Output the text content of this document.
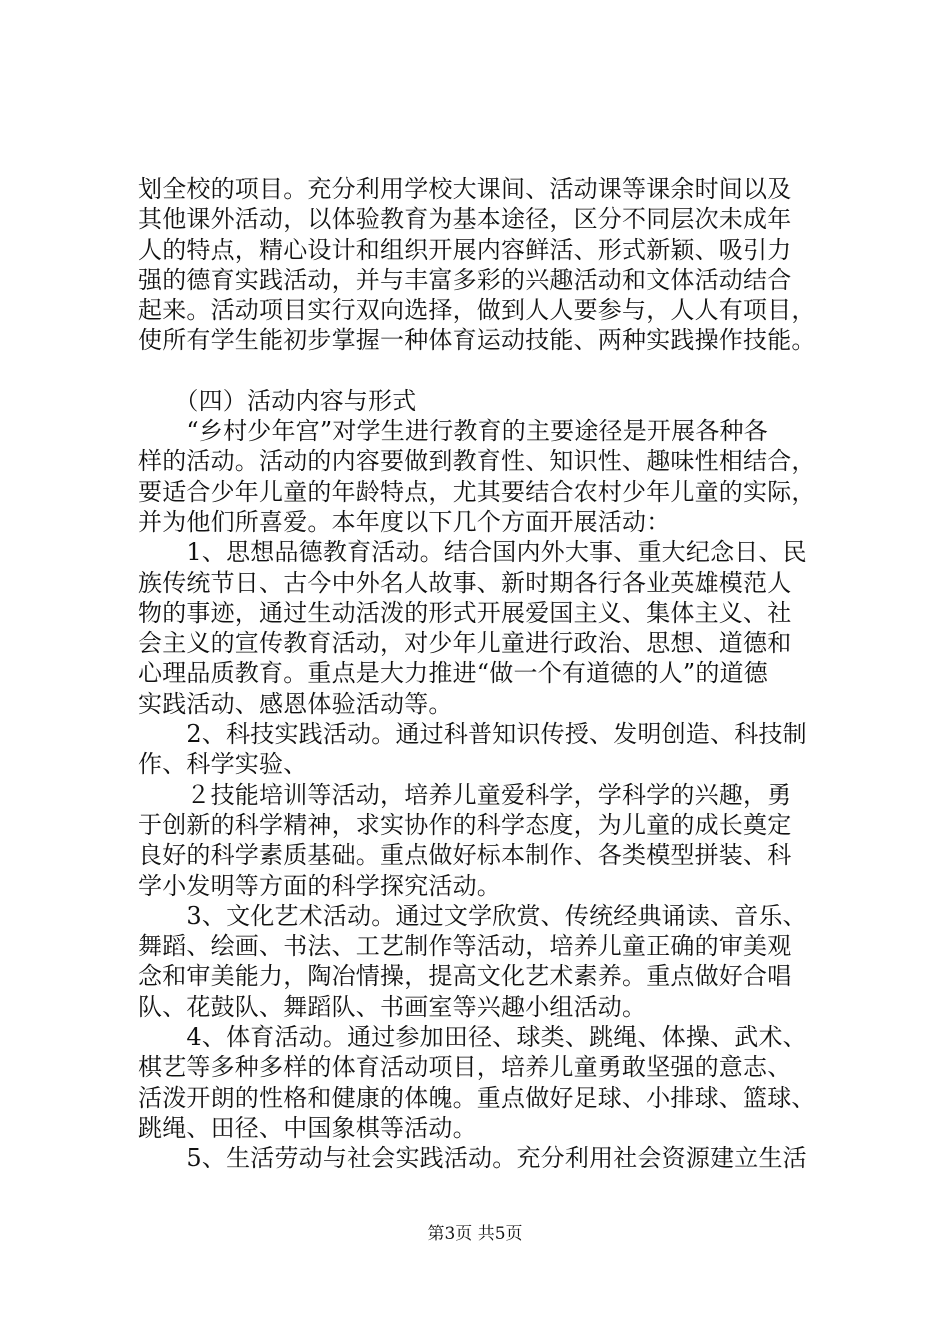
划全校的项目。充分利用学校大课间、活动课等课余时间以及
其他课外活动，以体验教育为基本途径，区分不同层次未成年
人的特点，精心设计和组织开展内容鲜活、形式新颖、吸引力
强的德育实践活动，并与丰富多彩的兴趣活动和文体活动结合
起来。活动项目实行双向选择，做到人人要参与，人人有项目，
使所有学生能初步掌握一种体育运动技能、两种实践操作技能。
　　（四）活动内容与形式
　　“乡村少年宫”对学生进行教育的主要途径是开展各种各
样的活动。活动的内容要做到教育性、知识性、趣味性相结合，
要适合少年儿童的年龄特点，尤其要结合农村少年儿童的实际，
并为他们所喜爱。本年度以下几个方面开展活动：
　　1、思想品德教育活动。结合国内外大事、重大纪念日、民
族传统节日、古今中外名人故事、新时期各行各业英雄模范人
物的事迹，通过生动活泼的形式开展爱国主义、集体主义、社
会主义的宣传教育活动，对少年儿童进行政治、思想、道德和
心理品质教育。重点是大力推进“做一个有道德的人”的道德
实践活动、感恩体验活动等。
　　2、科技实践活动。通过科普知识传授、发明创造、科技制
作、科学实验、
　　２技能培训等活动，培养儿童爱科学，学科学的兴趣，勇
于创新的科学精神，求实协作的科学态度，为儿童的成长奠定
良好的科学素质基础。重点做好标本制作、各类模型拼装、科
学小发明等方面的科学探究活动。
　　3、文化艺术活动。通过文学欣赏、传统经典诵读、音乐、
舞蹈、绘画、书法、工艺制作等活动，培养儿童正确的审美观
念和审美能力，陶冶情操，提高文化艺术素养。重点做好合唱
队、花鼓队、舞蹈队、书画室等兴趣小组活动。
　　4、体育活动。通过参加田径、球类、跳绳、体操、武术、
棋艺等多种多样的体育活动项目，培养儿童勇敢坚强的意志、
活泼开朗的性格和健康的体魄。重点做好足球、小排球、篮球、
跳绳、田径、中国象棋等活动。
　　5、生活劳动与社会实践活动。充分利用社会资源建立生活
第3页 共5页
